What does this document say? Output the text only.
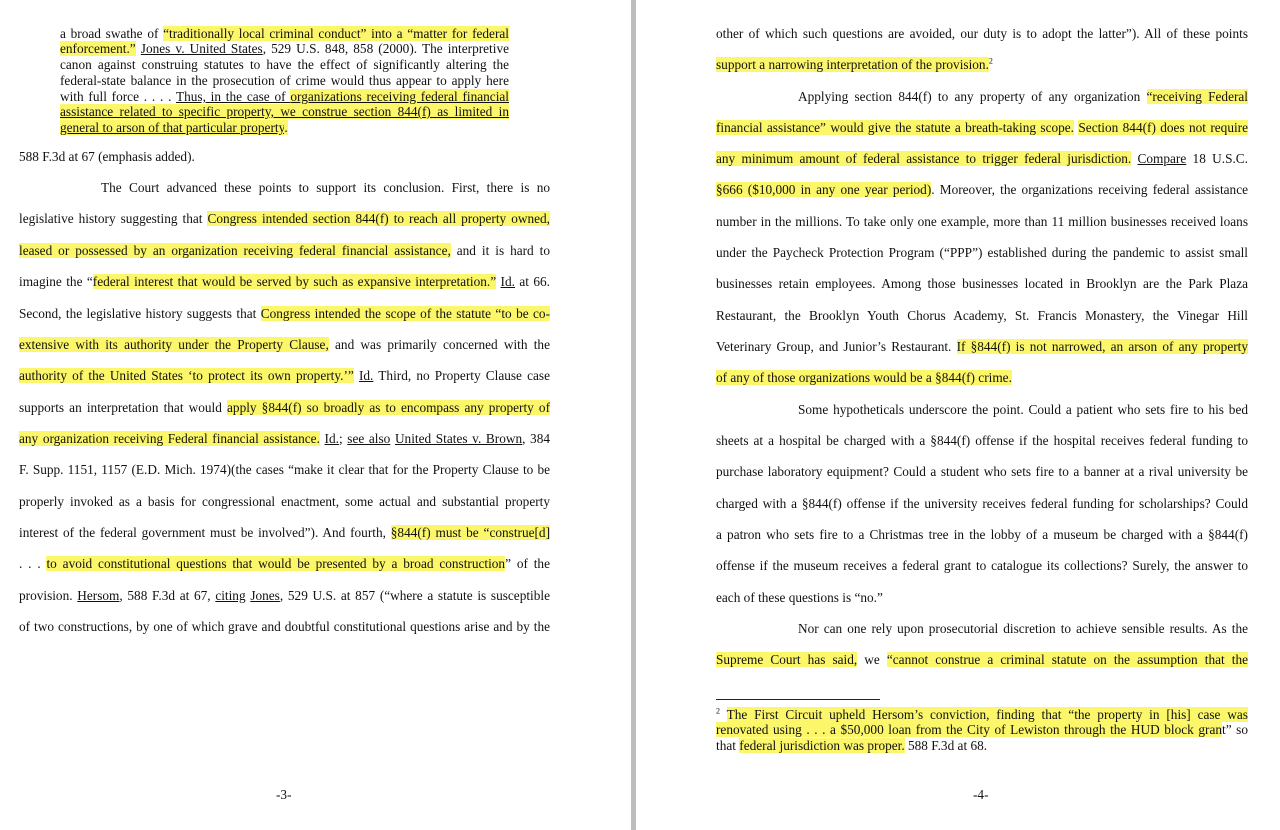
a broad swathe of “traditionally local criminal conduct” into a “matter for federal
enforcement.” Jones v. United States, 529 U.S. 848, 858 (2000). The interpretive
canon against construing statutes to have the effect of significantly altering the
federal-state balance in the prosecution of crime would thus appear to apply here
with full force . . . . Thus, in the case of organizations receiving federal financial
assistance related to specific property, we construe section 844(f) as limited in
general to arson of that particular property.
588 F.3d at 67 (emphasis added).
The Court advanced these points to support its conclusion. First, there is no
legislative history suggesting that Congress intended section 844(f) to reach all property owned,
leased or possessed by an organization receiving federal financial assistance, and it is hard to
imagine the “federal interest that would be served by such as expansive interpretation.” Id. at 66.
Second, the legislative history suggests that Congress intended the scope of the statute “to be co-
extensive with its authority under the Property Clause, and was primarily concerned with the
authority of the United States ‘to protect its own property.’” Id. Third, no Property Clause case
supports an interpretation that would apply §844(f) so broadly as to encompass any property of
any organization receiving Federal financial assistance. Id.; see also United States v. Brown, 384
F. Supp. 1151, 1157 (E.D. Mich. 1974)(the cases “make it clear that for the Property Clause to be
properly invoked as a basis for congressional enactment, some actual and substantial property
interest of the federal government must be involved”). And fourth, §844(f) must be “construe[d]
. . . to avoid constitutional questions that would be presented by a broad construction” of the
provision. Hersom, 588 F.3d at 67, citing Jones, 529 U.S. at 857 (“where a statute is susceptible
of two constructions, by one of which grave and doubtful constitutional questions arise and by the
-3-
other of which such questions are avoided, our duty is to adopt the latter”). All of these points
support a narrowing interpretation of the provision.$^2$
Applying section 844(f) to any property of any organization “receiving Federal
financial assistance” would give the statute a breath-taking scope. Section 844(f) does not require
any minimum amount of federal assistance to trigger federal jurisdiction. Compare 18 U.S.C.
§666 ($10,000 in any one year period). Moreover, the organizations receiving federal assistance
number in the millions. To take only one example, more than 11 million businesses received loans
under the Paycheck Protection Program (“PPP”) established during the pandemic to assist small
businesses retain employees. Among those businesses located in Brooklyn are the Park Plaza
Restaurant, the Brooklyn Youth Chorus Academy, St. Francis Monastery, the Vinegar Hill
Veterinary Group, and Junior’s Restaurant. If §844(f) is not narrowed, an arson of any property
of any of those organizations would be a §844(f) crime.
Some hypotheticals underscore the point. Could a patient who sets fire to his bed
sheets at a hospital be charged with a §844(f) offense if the hospital receives federal funding to
purchase laboratory equipment? Could a student who sets fire to a banner at a rival university be
charged with a §844(f) offense if the university receives federal funding for scholarships? Could
a patron who sets fire to a Christmas tree in the lobby of a museum be charged with a §844(f)
offense if the museum receives a federal grant to catalogue its collections? Surely, the answer to
each of these questions is “no.”
Nor can one rely upon prosecutorial discretion to achieve sensible results. As the
Supreme Court has said, we “cannot construe a criminal statute on the assumption that the
$^2$ The First Circuit upheld Hersom’s conviction, finding that “the property in [his] case was
renovated using . . . a $50,000 loan from the City of Lewiston through the HUD block grant” so
that federal jurisdiction was proper. 588 F.3d at 68.
-4-
